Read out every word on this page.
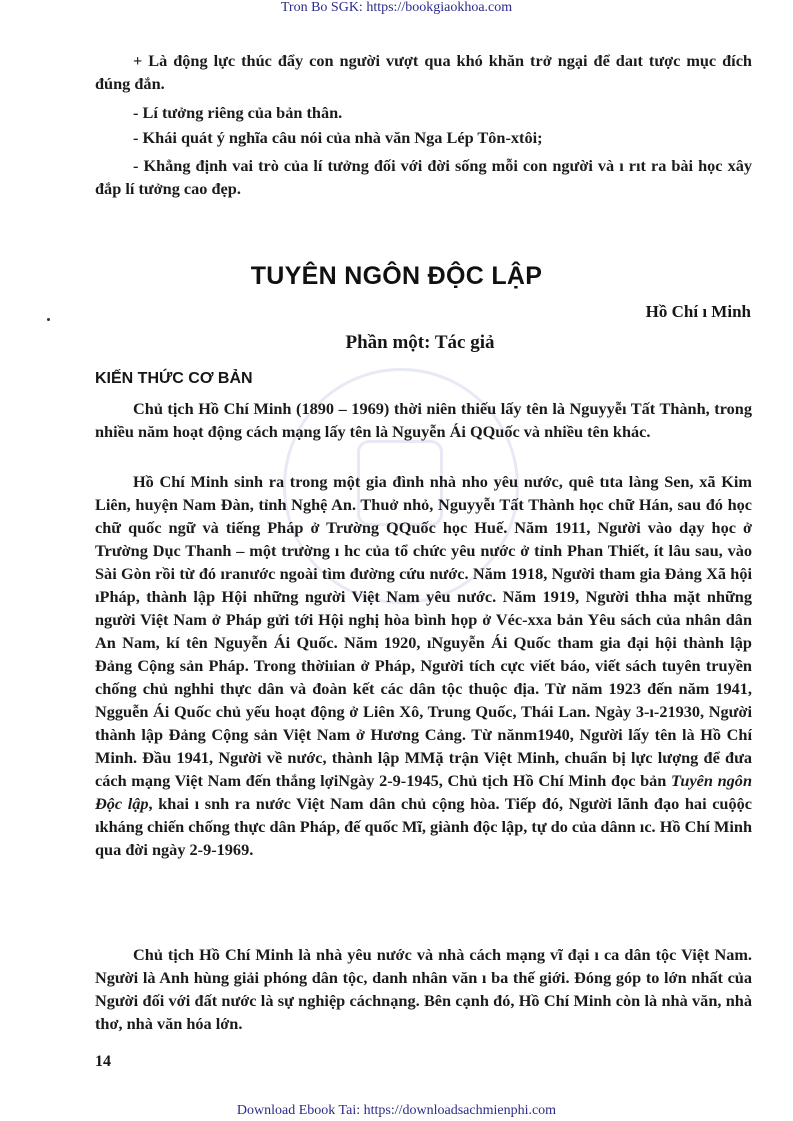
Tron Bo SGK: https://bookgiaokhoa.com

+ Là động lực thúc đẩy con người vượt qua khó khăn trở ngại để daıt tược mục đích đúng đắn.

- Lí tưởng riêng của bản thân.

- Khái quát ý nghĩa câu nói của nhà văn Nga Lép Tôn-xtôi;

- Khẳng định vai trò của lí tưởng đối với đời sống mỗi con người và ı rıt ra bài học xây đắp lí tưởng cao đẹp.

TUYÊN NGÔN ĐỘC LẬP
Hồ Chí ı Minh
Phần một: Tác giả
KIẾN THỨC CƠ BẢN

Chủ tịch Hồ Chí Minh (1890 – 1969) thời niên thiếu lấy tên là Nguyyễı Tất Thành, trong nhiều năm hoạt động cách mạng lấy tên là Nguyễn Ái QQuốc và nhiều tên khác.

Hồ Chí Minh sinh ra trong một gia đình nhà nho yêu nước, quê tıta làng Sen, xã Kim Liên, huyện Nam Đàn, tỉnh Nghệ An. Thuở nhỏ, Nguyyễı Tất Thành học chữ Hán, sau đó học chữ quốc ngữ và tiếng Pháp ở Trường QQuốc học Huế. Năm 1911, Người vào dạy học ở Trường Dục Thanh – một trường ı hc của tổ chức yêu nước ở tỉnh Phan Thiết, ít lâu sau, vào Sài Gòn rồi từ đó ıranước ngoài tìm đường cứu nước. Năm 1918, Người tham gia Đảng Xã hội ıPháp, thành lập Hội những người Việt Nam yêu nước. Năm 1919, Người thha mặt những người Việt Nam ở Pháp gửi tới Hội nghị hòa bình họp ở Véc-xxa bản Yêu sách của nhân dân An Nam, kí tên Nguyễn Ái Quốc. Năm 1920, ıNguyễn Ái Quốc tham gia đại hội thành lập Đảng Cộng sản Pháp. Trong thờiıian ở Pháp, Người tích cực viết báo, viết sách tuyên truyền chống chủ nghhi thực dân và đoàn kết các dân tộc thuộc địa. Từ năm 1923 đến năm 1941, Ngguễn Ái Quốc chủ yếu hoạt động ở Liên Xô, Trung Quốc, Thái Lan. Ngày 3-ı-21930, Người thành lập Đảng Cộng sản Việt Nam ở Hương Cảng. Từ nănm1940, Người lấy tên là Hồ Chí Minh. Đầu 1941, Người về nước, thành lập MMặ trận Việt Minh, chuẩn bị lực lượng để đưa cách mạng Việt Nam đến thắng lợiNgày 2-9-1945, Chủ tịch Hồ Chí Minh đọc bản Tuyên ngôn Độc lập, khai ı snh ra nước Việt Nam dân chủ cộng hòa. Tiếp đó, Người lãnh đạo hai cuộộc ıkháng chiến chống thực dân Pháp, đế quốc Mĩ, giành độc lập, tự do của dânn ıc. Hồ Chí Minh qua đời ngày 2-9-1969.

Chủ tịch Hồ Chí Minh là nhà yêu nước và nhà cách mạng vĩ đại ı ca dân tộc Việt Nam. Người là Anh hùng giải phóng dân tộc, danh nhân văn ı ba thế giới. Đóng góp to lớn nhất của Người đối với đất nước là sự nghiệp cáchnạng. Bên cạnh đó, Hồ Chí Minh còn là nhà văn, nhà thơ, nhà văn hóa lớn.

14
Download Ebook Tai: https://downloadsachmienphi.com
